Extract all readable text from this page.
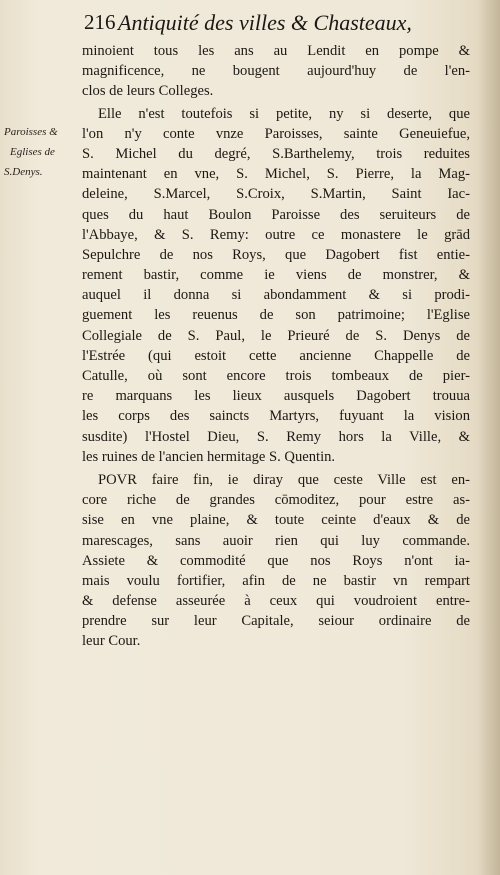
216 Antiquité des villes & Chasteaux,
Paroisses &
Eglises de
S.Denys.
minoient tous les ans au Lendit en pompe &
magnificence, ne bougent aujourd'huy de l'en-
clos de leurs Colleges.
Elle n'est toutefois si petite, ny si deserte, que
l'on n'y conte vnze Paroisses, sainte Geneuiefue,
S. Michel du degré, S.Barthelemy, trois reduites
maintenant en vne, S. Michel, S. Pierre, la Mag-
deleine, S.Marcel, S.Croix, S.Martin, Saint Iac-
ques du haut Boulon Paroisse des seruiteurs de
l'Abbaye, & S. Remy: outre ce monastere le grād
Sepulchre de nos Roys, que Dagobert fist entie-
rement bastir, comme ie viens de monstrer, &
auquel il donna si abondamment & si prodi-
guement les reuenus de son patrimoine; l'Eglise
Collegiale de S. Paul, le Prieuré de S. Denys de
l'Estrée (qui estoit cette ancienne Chappelle de
Catulle, où sont encore trois tombeaux de pier-
re marquans les lieux ausquels Dagobert trouua
les corps des saincts Martyrs, fuyuant la vision
susdite) l'Hostel Dieu, S. Remy hors la Ville, &
les ruines de l'ancien hermitage S. Quentin.
POVR faire fin, ie diray que ceste Ville est en-
core riche de grandes cōmoditez, pour estre as-
sise en vne plaine, & toute ceinte d'eaux & de
marescages, sans auoir rien qui luy commande.
Assiete & commodité que nos Roys n'ont ia-
mais voulu fortifier, afin de ne bastir vn rempart
& defense asseurée à ceux qui voudroient entre-
prendre sur leur Capitale, seiour ordinaire de
leur Cour.
